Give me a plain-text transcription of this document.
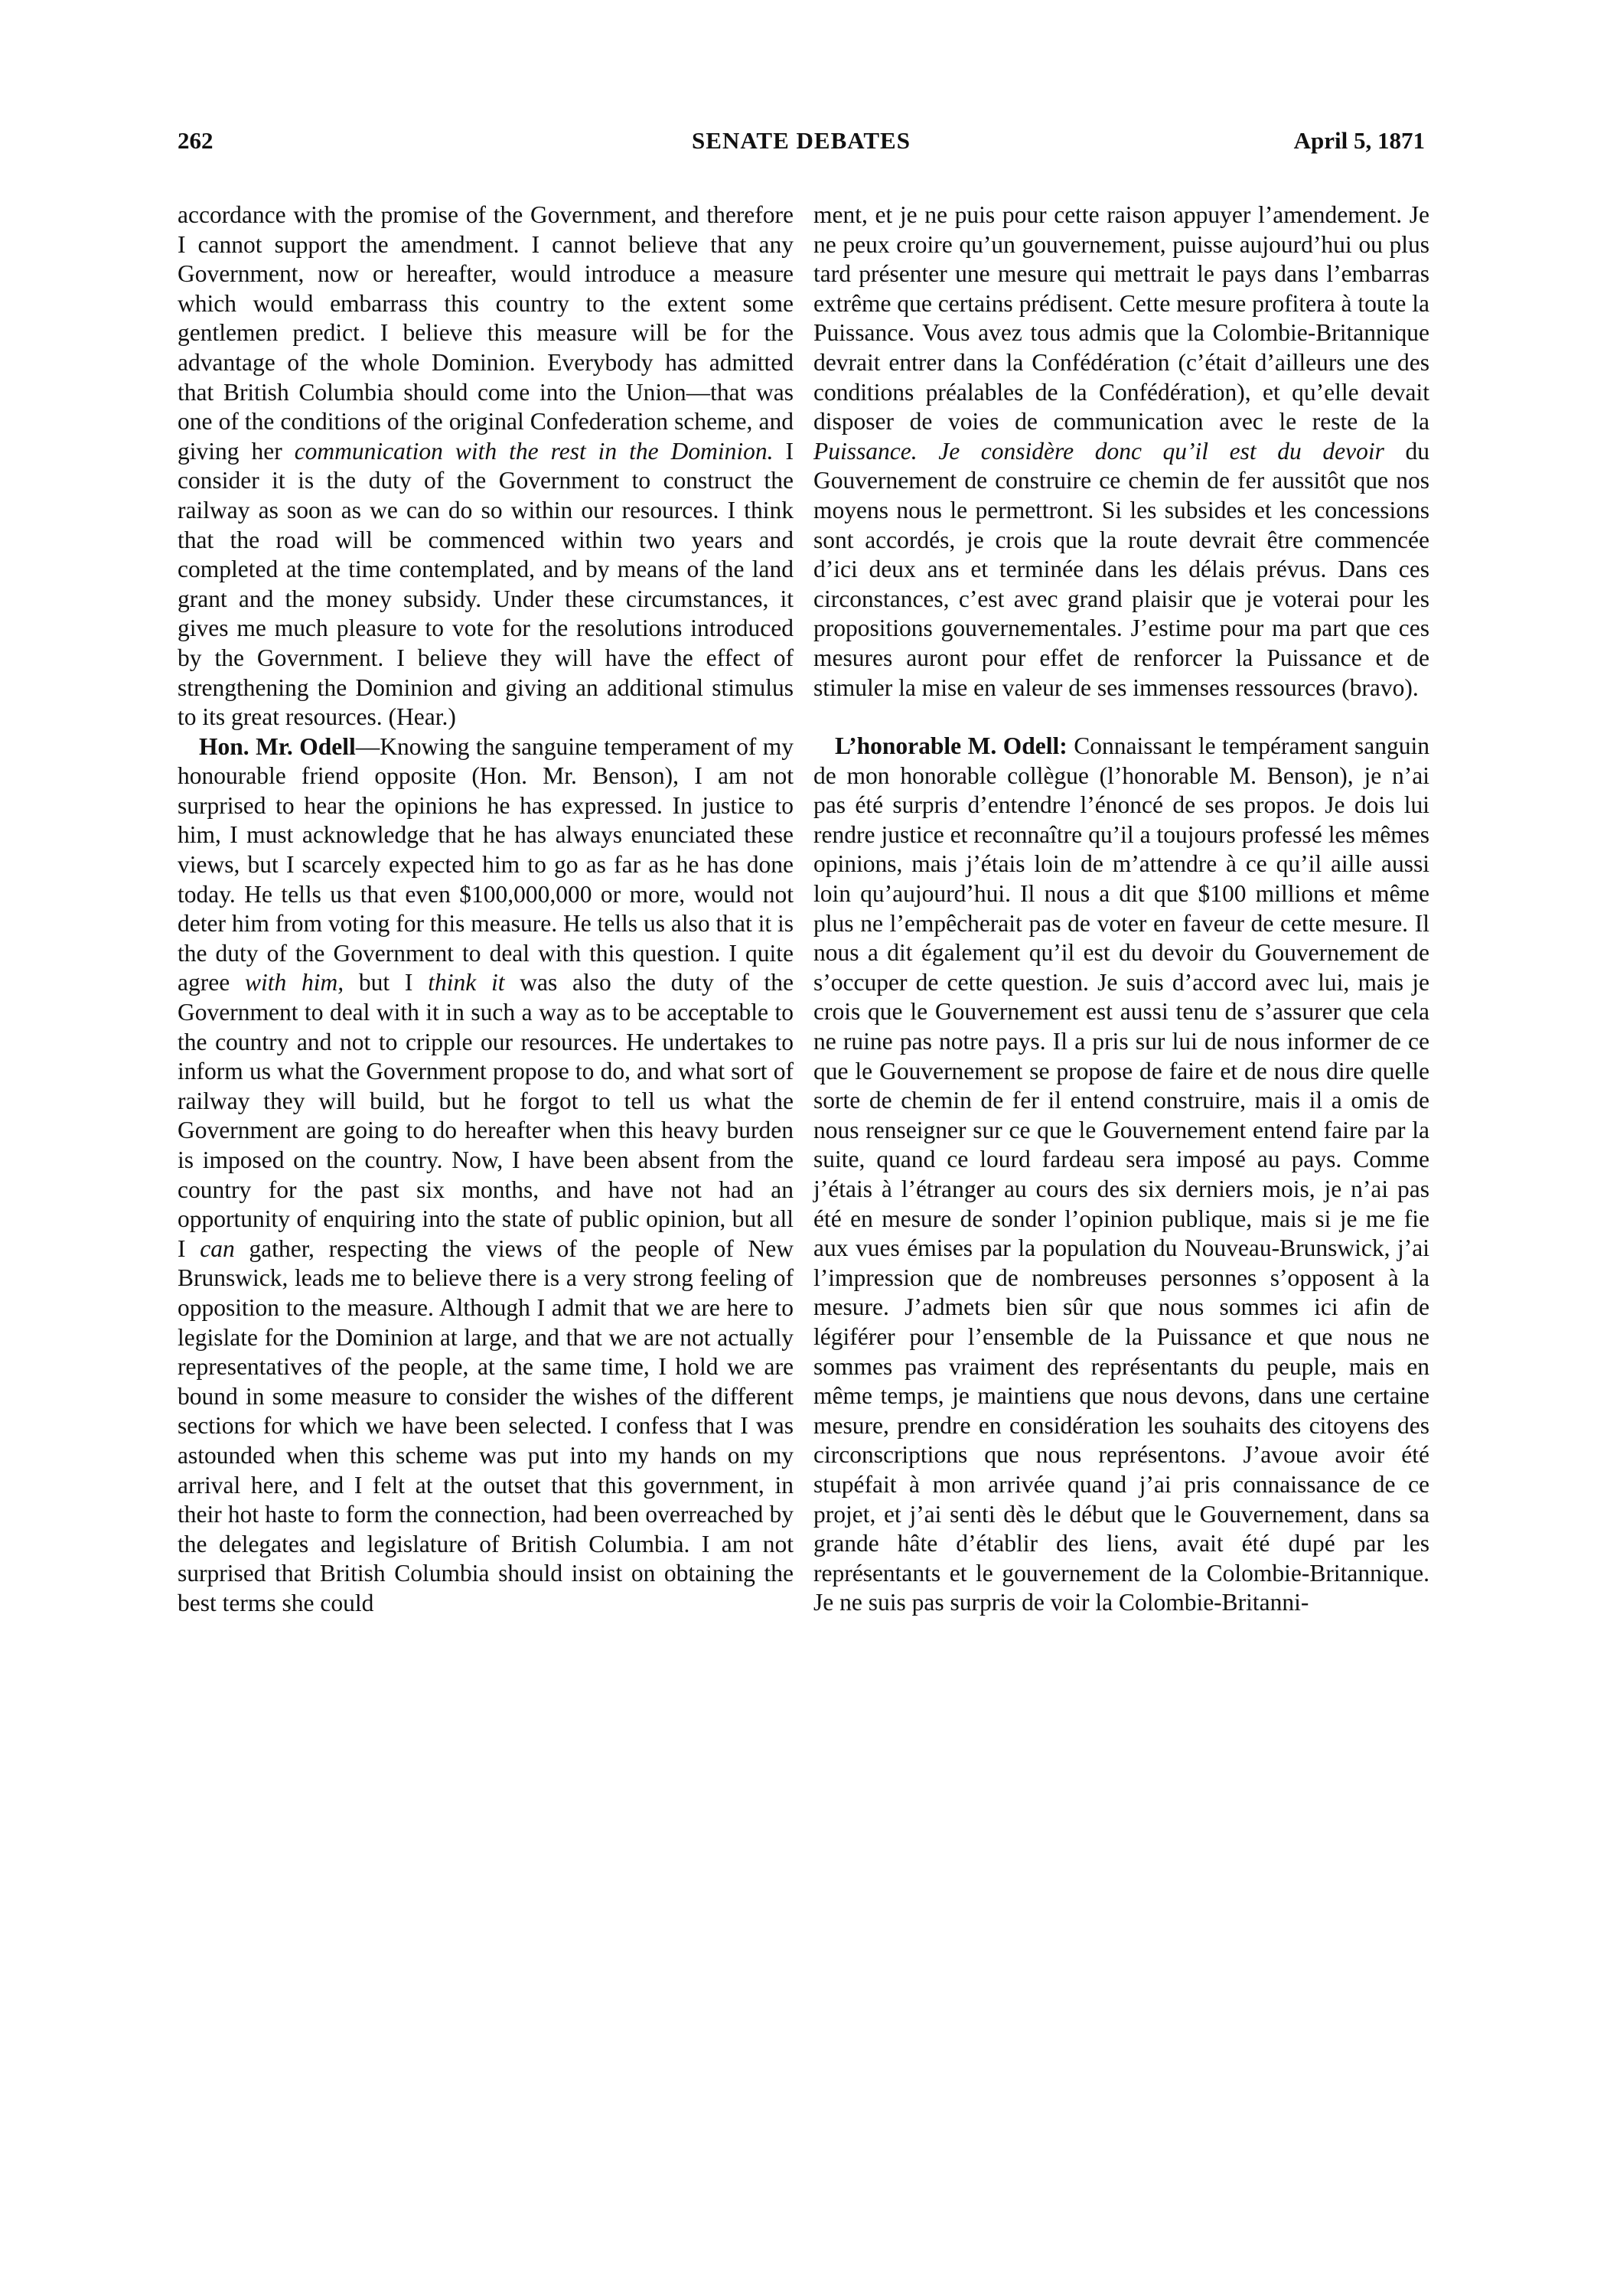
262	SENATE DEBATES	April 5, 1871

accordance with the promise of the Government, and therefore I cannot support the amendment. I cannot believe that any Government, now or hereafter, would introduce a measure which would embarrass this country to the extent some gentlemen predict. I believe this measure will be for the advantage of the whole Dominion. Everybody has admitted that British Columbia should come into the Union—that was one of the conditions of the original Confederation scheme, and giving her communication with the rest in the Dominion. I consider it is the duty of the Government to construct the railway as soon as we can do so within our resources. I think that the road will be commenced within two years and completed at the time contemplated, and by means of the land grant and the money subsidy. Under these circumstances, it gives me much pleasure to vote for the resolutions introduced by the Government. I believe they will have the effect of strengthening the Dominion and giving an additional stimulus to its great resources. (Hear.)

Hon. Mr. Odell—Knowing the sanguine temperament of my honourable friend opposite (Hon. Mr. Benson), I am not surprised to hear the opinions he has expressed. In justice to him, I must acknowledge that he has always enunciated these views, but I scarcely expected him to go as far as he has done today. He tells us that even $100,000,000 or more, would not deter him from voting for this measure. He tells us also that it is the duty of the Government to deal with this question. I quite agree with him, but I think it was also the duty of the Government to deal with it in such a way as to be acceptable to the country and not to cripple our resources. He undertakes to inform us what the Government propose to do, and what sort of railway they will build, but he forgot to tell us what the Government are going to do hereafter when this heavy burden is imposed on the country. Now, I have been absent from the country for the past six months, and have not had an opportunity of enquiring into the state of public opinion, but all I can gather, respecting the views of the people of New Brunswick, leads me to believe there is a very strong feeling of opposition to the measure. Although I admit that we are here to legislate for the Dominion at large, and that we are not actually representatives of the people, at the same time, I hold we are bound in some measure to consider the wishes of the different sections for which we have been selected. I confess that I was astounded when this scheme was put into my hands on my arrival here, and I felt at the outset that this government, in their hot haste to form the connection, had been overreached by the delegates and legislature of British Columbia. I am not surprised that British Columbia should insist on obtaining the best terms she could

ment, et je ne puis pour cette raison appuyer l’amendement. Je ne peux croire qu’un gouvernement, puisse aujourd’hui ou plus tard présenter une mesure qui mettrait le pays dans l’embarras extrême que certains prédisent. Cette mesure profitera à toute la Puissance. Vous avez tous admis que la Colombie-Britannique devrait entrer dans la Confédération (c’était d’ailleurs une des conditions préalables de la Confédération), et qu’elle devait disposer de voies de communication avec le reste de la Puissance. Je considère donc qu’il est du devoir du Gouvernement de construire ce chemin de fer aussitôt que nos moyens nous le permettront. Si les subsides et les concessions sont accordés, je crois que la route devrait être commencée d’ici deux ans et terminée dans les délais prévus. Dans ces circonstances, c’est avec grand plaisir que je voterai pour les propositions gouvernementales. J’estime pour ma part que ces mesures auront pour effet de renforcer la Puissance et de stimuler la mise en valeur de ses immenses ressources (bravo).

L’honorable M. Odell: Connaissant le tempérament sanguin de mon honorable collègue (l’honorable M. Benson), je n’ai pas été surpris d’entendre l’énoncé de ses propos. Je dois lui rendre justice et reconnaître qu’il a toujours professé les mêmes opinions, mais j’étais loin de m’attendre à ce qu’il aille aussi loin qu’aujourd’hui. Il nous a dit que $100 millions et même plus ne l’empêcherait pas de voter en faveur de cette mesure. Il nous a dit également qu’il est du devoir du Gouvernement de s’occuper de cette question. Je suis d’accord avec lui, mais je crois que le Gouvernement est aussi tenu de s’assurer que cela ne ruine pas notre pays. Il a pris sur lui de nous informer de ce que le Gouvernement se propose de faire et de nous dire quelle sorte de chemin de fer il entend construire, mais il a omis de nous renseigner sur ce que le Gouvernement entend faire par la suite, quand ce lourd fardeau sera imposé au pays. Comme j’étais à l’étranger au cours des six derniers mois, je n’ai pas été en mesure de sonder l’opinion publique, mais si je me fie aux vues émises par la population du Nouveau-Brunswick, j’ai l’impression que de nombreuses personnes s’opposent à la mesure. J’admets bien sûr que nous sommes ici afin de légiférer pour l’ensemble de la Puissance et que nous ne sommes pas vraiment des représentants du peuple, mais en même temps, je maintiens que nous devons, dans une certaine mesure, prendre en considération les souhaits des citoyens des circonscriptions que nous représentons. J’avoue avoir été stupéfait à mon arrivée quand j’ai pris connaissance de ce projet, et j’ai senti dès le début que le Gouvernement, dans sa grande hâte d’établir des liens, avait été dupé par les représentants et le gouvernement de la Colombie-Britannique. Je ne suis pas surpris de voir la Colombie-Britanni-
